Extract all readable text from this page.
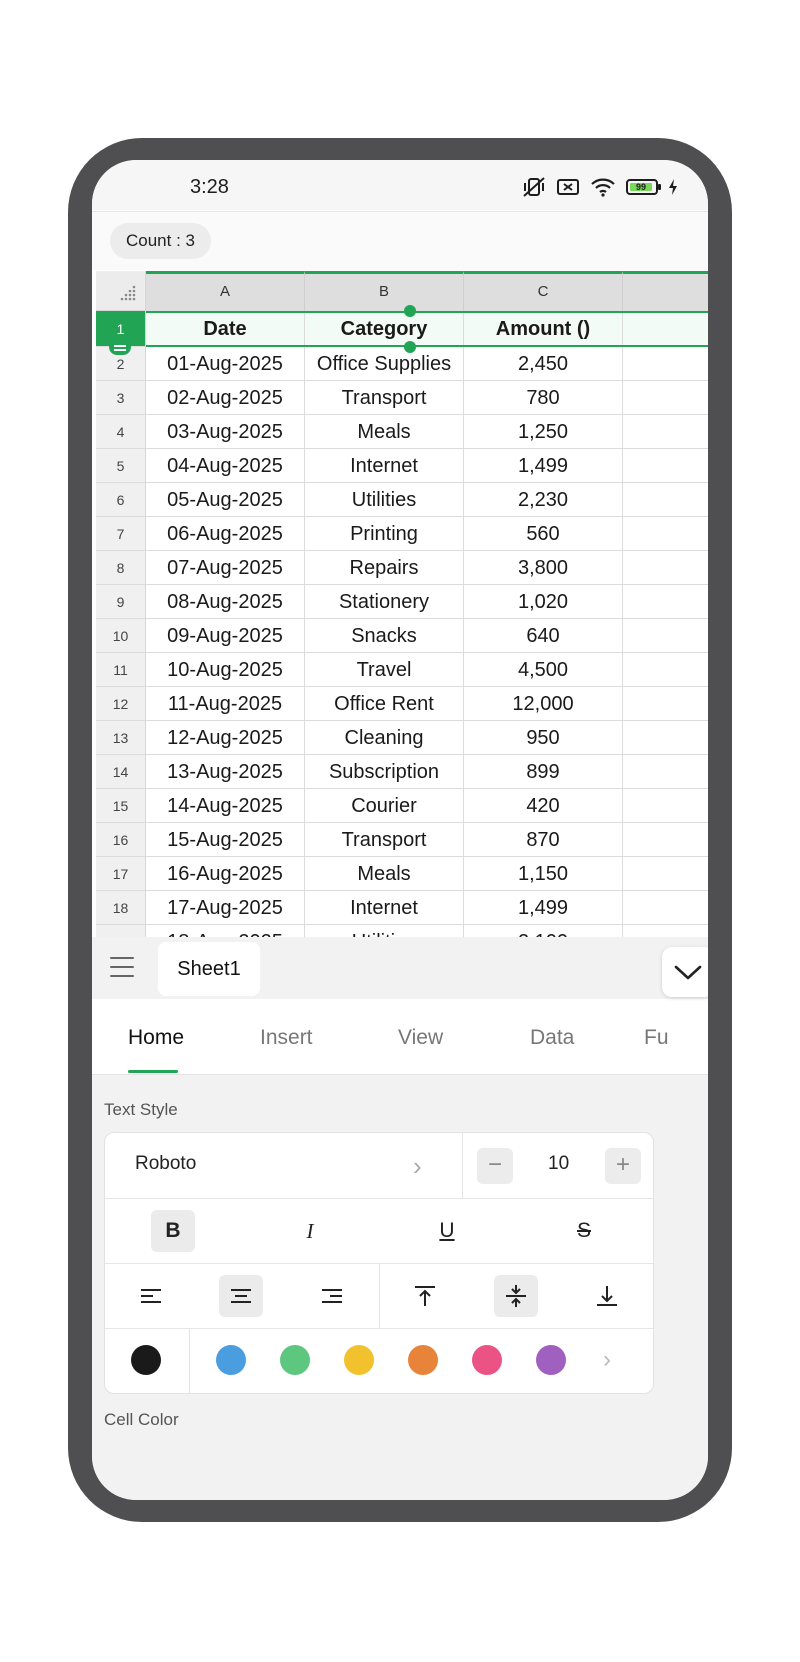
3:28	99
Count : 3
A	B	C
1	Date	Category	Amount ()
2	01-Aug-2025	Office Supplies	2,450
3	02-Aug-2025	Transport	780
4	03-Aug-2025	Meals	1,250
5	04-Aug-2025	Internet	1,499
6	05-Aug-2025	Utilities	2,230
7	06-Aug-2025	Printing	560
8	07-Aug-2025	Repairs	3,800
9	08-Aug-2025	Stationery	1,020
10	09-Aug-2025	Snacks	640
11	10-Aug-2025	Travel	4,500
12	11-Aug-2025	Office Rent	12,000
13	12-Aug-2025	Cleaning	950
14	13-Aug-2025	Subscription	899
15	14-Aug-2025	Courier	420
16	15-Aug-2025	Transport	870
17	16-Aug-2025	Meals	1,150
18	17-Aug-2025	Internet	1,499
Sheet1
Home	Insert	View	Data	Fu
Text Style
Roboto	›	−	10	+
B	I	U	S
›
Cell Color
